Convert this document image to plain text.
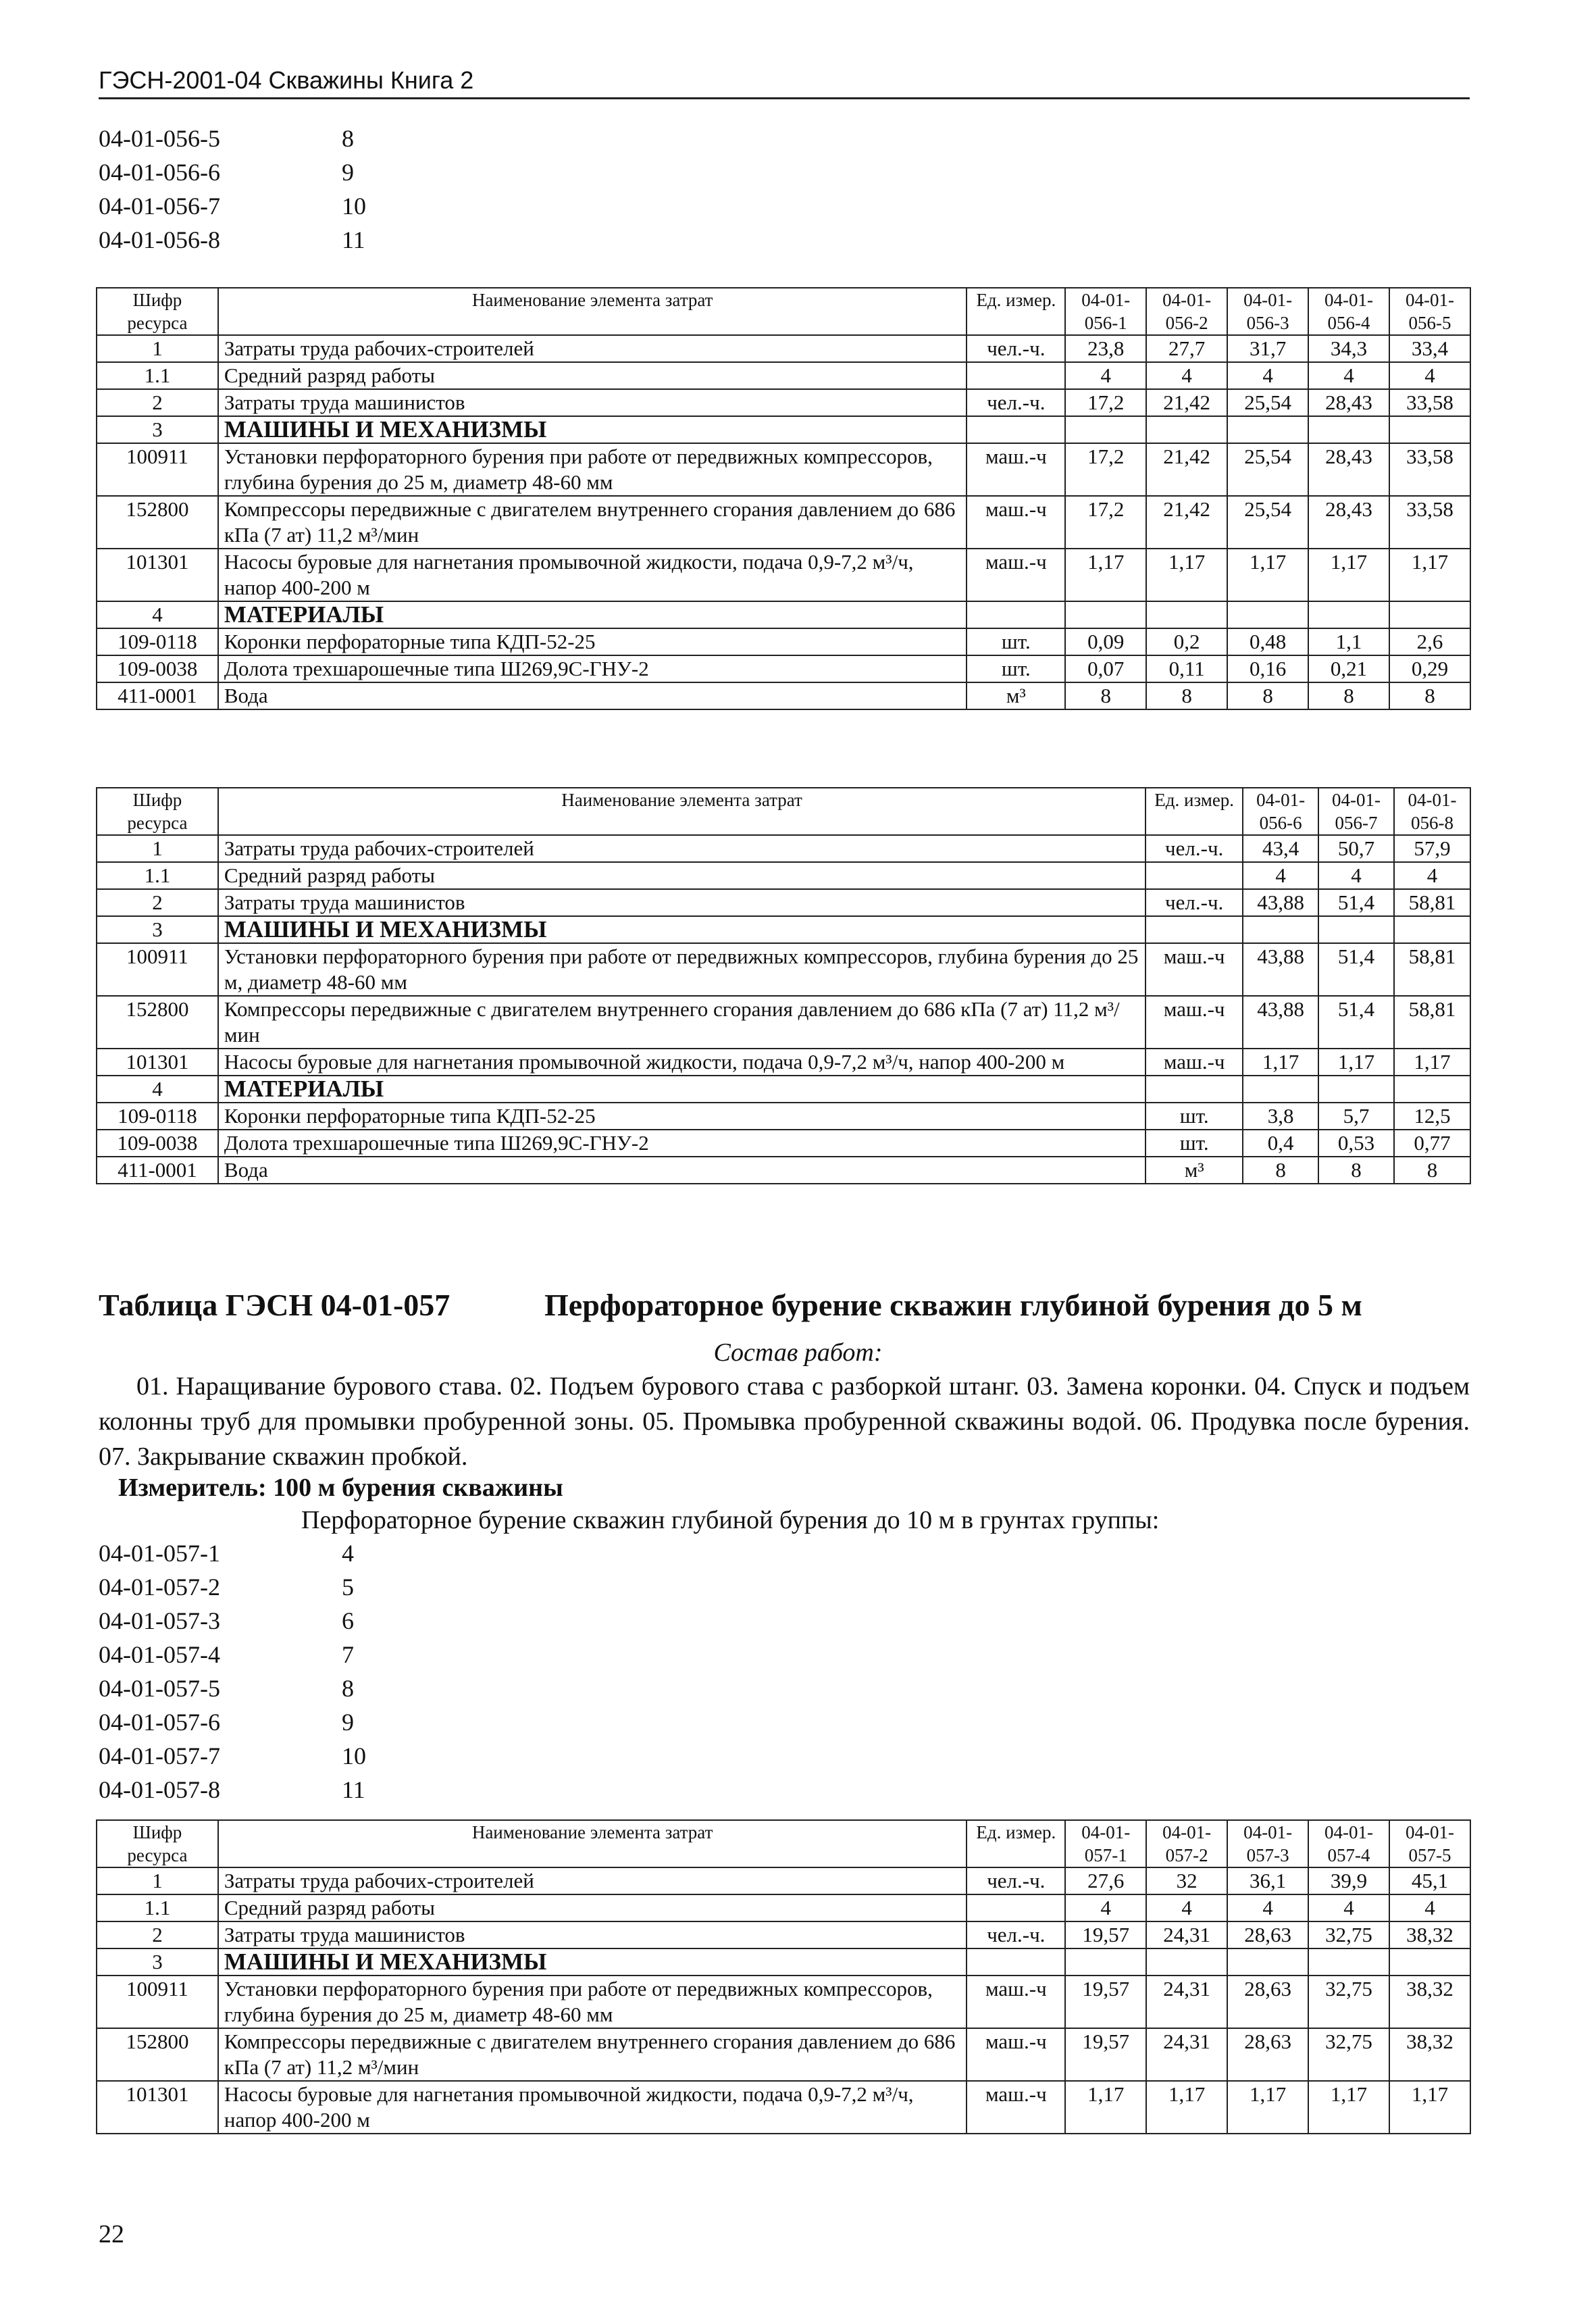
ГЭСН-2001-04 Скважины Книга 2
04-01-056-5	8
04-01-056-6	9
04-01-056-7	10
04-01-056-8	11
Шифр ресурса	Наименование элемента затрат	Ед. измер.	04-01-056-1	04-01-056-2	04-01-056-3	04-01-056-4	04-01-056-5
1	Затраты труда рабочих-строителей	чел.-ч.	23,8	27,7	31,7	34,3	33,4
1.1	Средний разряд работы		4	4	4	4	4
2	Затраты труда машинистов	чел.-ч.	17,2	21,42	25,54	28,43	33,58
3	МАШИНЫ И МЕХАНИЗМЫ						
100911	Установки перфораторного бурения при работе от передвижных компрессоров, глубина бурения до 25 м, диаметр 48-60 мм	маш.-ч	17,2	21,42	25,54	28,43	33,58
152800	Компрессоры передвижные с двигателем внутреннего сгорания давлением до 686 кПа (7 ат) 11,2 м³/мин	маш.-ч	17,2	21,42	25,54	28,43	33,58
101301	Насосы буровые для нагнетания промывочной жидкости, подача 0,9-7,2 м³/ч, напор 400-200 м	маш.-ч	1,17	1,17	1,17	1,17	1,17
4	МАТЕРИАЛЫ						
109-0118	Коронки перфораторные типа КДП-52-25	шт.	0,09	0,2	0,48	1,1	2,6
109-0038	Долота трехшарошечные типа Ш269,9С-ГНУ-2	шт.	0,07	0,11	0,16	0,21	0,29
411-0001	Вода	м³	8	8	8	8	8
Шифр ресурса	Наименование элемента затрат	Ед. измер.	04-01-056-6	04-01-056-7	04-01-056-8
1	Затраты труда рабочих-строителей	чел.-ч.	43,4	50,7	57,9
1.1	Средний разряд работы		4	4	4
2	Затраты труда машинистов	чел.-ч.	43,88	51,4	58,81
3	МАШИНЫ И МЕХАНИЗМЫ				
100911	Установки перфораторного бурения при работе от передвижных компрессоров, глубина бурения до 25 м, диаметр 48-60 мм	маш.-ч	43,88	51,4	58,81
152800	Компрессоры передвижные с двигателем внутреннего сгорания давлением до 686 кПа (7 ат) 11,2 м³/мин	маш.-ч	43,88	51,4	58,81
101301	Насосы буровые для нагнетания промывочной жидкости, подача 0,9-7,2 м³/ч, напор 400-200 м	маш.-ч	1,17	1,17	1,17
4	МАТЕРИАЛЫ				
109-0118	Коронки перфораторные типа КДП-52-25	шт.	3,8	5,7	12,5
109-0038	Долота трехшарошечные типа Ш269,9С-ГНУ-2	шт.	0,4	0,53	0,77
411-0001	Вода	м³	8	8	8
Таблица ГЭСН 04-01-057	Перфораторное бурение скважин глубиной бурения до 5 м
Состав работ:
01. Наращивание бурового става. 02. Подъем бурового става с разборкой штанг. 03. Замена коронки. 04. Спуск и подъем колонны труб для промывки пробуренной зоны. 05. Промывка пробуренной скважины водой. 06. Продувка после бурения. 07. Закрывание скважин пробкой.
Измеритель: 100 м бурения скважины
Перфораторное бурение скважин глубиной бурения до 10 м в грунтах группы:
04-01-057-1	4
04-01-057-2	5
04-01-057-3	6
04-01-057-4	7
04-01-057-5	8
04-01-057-6	9
04-01-057-7	10
04-01-057-8	11
Шифр ресурса	Наименование элемента затрат	Ед. измер.	04-01-057-1	04-01-057-2	04-01-057-3	04-01-057-4	04-01-057-5
1	Затраты труда рабочих-строителей	чел.-ч.	27,6	32	36,1	39,9	45,1
1.1	Средний разряд работы		4	4	4	4	4
2	Затраты труда машинистов	чел.-ч.	19,57	24,31	28,63	32,75	38,32
3	МАШИНЫ И МЕХАНИЗМЫ						
100911	Установки перфораторного бурения при работе от передвижных компрессоров, глубина бурения до 25 м, диаметр 48-60 мм	маш.-ч	19,57	24,31	28,63	32,75	38,32
152800	Компрессоры передвижные с двигателем внутреннего сгорания давлением до 686 кПа (7 ат) 11,2 м³/мин	маш.-ч	19,57	24,31	28,63	32,75	38,32
101301	Насосы буровые для нагнетания промывочной жидкости, подача 0,9-7,2 м³/ч, напор 400-200 м	маш.-ч	1,17	1,17	1,17	1,17	1,17
22
